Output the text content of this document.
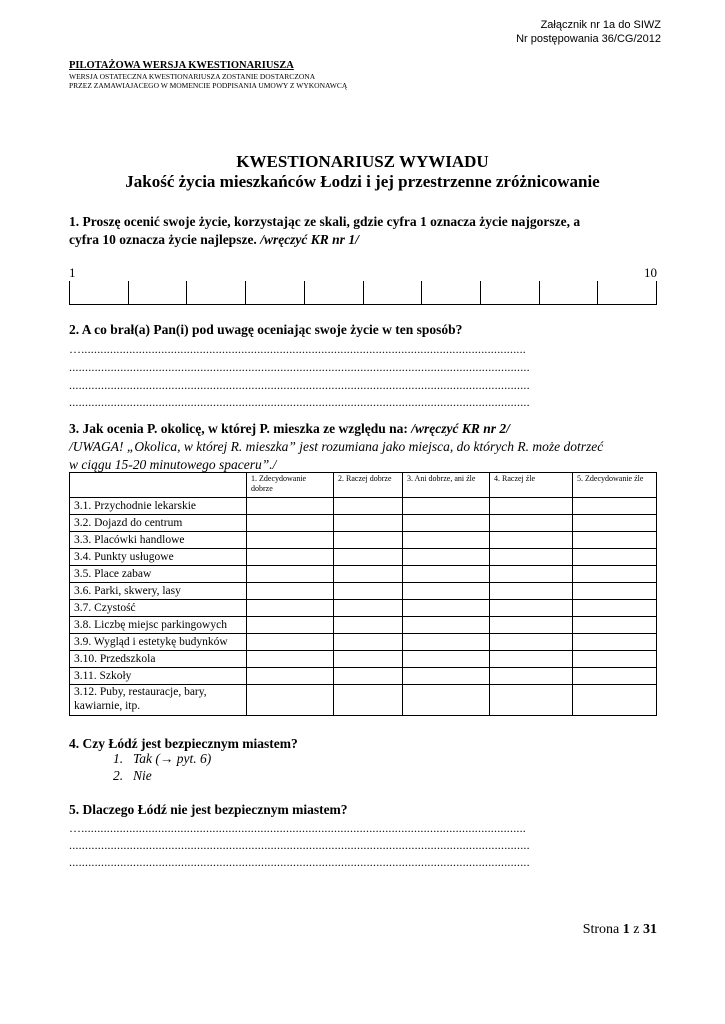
Załącznik nr 1a do SIWZ
Nr postępowania 36/CG/2012
PILOTAŻOWA WERSJA KWESTIONARIUSZA
WERSJA OSTATECZNA KWESTIONARIUSZA ZOSTANIE DOSTARCZONA
PRZEZ ZAMAWIAJACEGO W MOMENCIE PODPISANIA UMOWY Z WYKONAWCĄ
KWESTIONARIUSZ WYWIADU
Jakość życia mieszkańców Łodzi i jej przestrzenne zróżnicowanie
1. Proszę ocenić swoje życie, korzystając ze skali, gdzie cyfra 1 oznacza życie najgorsze, a
cyfra 10 oznacza życie najlepsze. /wręczyć KR nr 1/
1	10
2. A co brał(a) Pan(i) pod uwagę oceniając swoje życie w ten sposób?
…...........................................................................................................................................
................................................................................................................................................
................................................................................................................................................
................................................................................................................................................
3. Jak ocenia P. okolicę, w której P. mieszka ze względu na: /wręczyć KR nr 2/
/UWAGA! „Okolica, w której R. mieszka” jest rozumiana jako miejsca, do których R. może dotrzeć
w ciągu 15-20 minutowego spaceru”./
	1. Zdecydowanie dobrze	2. Raczej dobrze	3. Ani dobrze, ani źle	4. Raczej źle	5. Zdecydowanie źle
3.1. Przychodnie lekarskie					
3.2. Dojazd do centrum					
3.3. Placówki handlowe					
3.4. Punkty usługowe					
3.5. Place zabaw					
3.6. Parki, skwery, lasy					
3.7. Czystość					
3.8. Liczbę miejsc parkingowych					
3.9. Wygląd i estetykę budynków					
3.10. Przedszkola					
3.11. Szkoły					
3.12. Puby, restauracje, bary, kawiarnie, itp.					
4. Czy Łódź jest bezpiecznym miastem?
1. Tak (→ pyt. 6)
2. Nie
5. Dlaczego Łódź nie jest bezpiecznym miastem?
…...........................................................................................................................................
................................................................................................................................................
................................................................................................................................................
Strona 1 z 31
